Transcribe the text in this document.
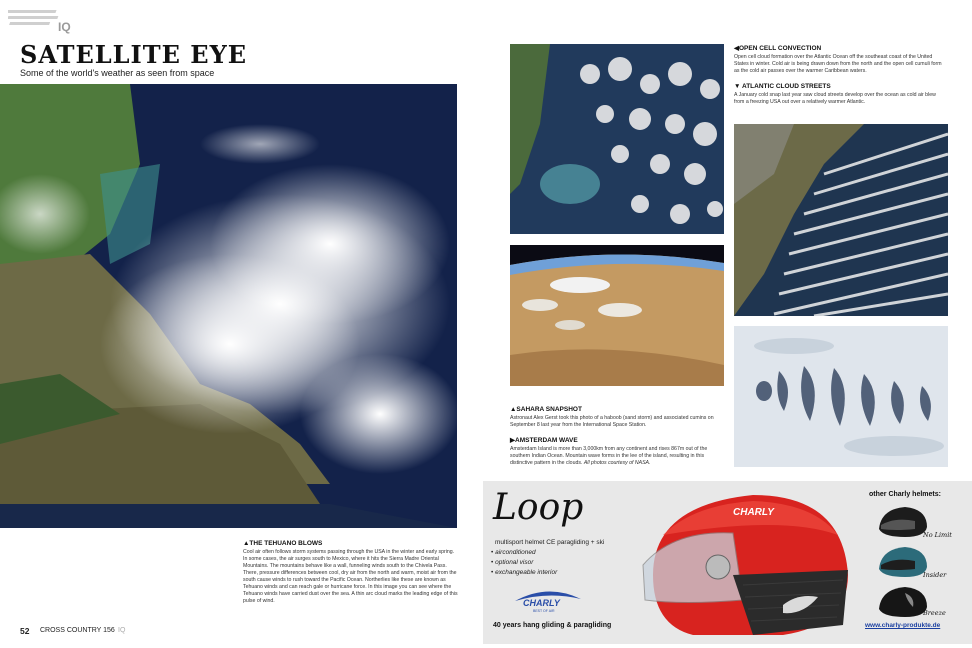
IQ
SATELLITE EYE
Some of the world's weather as seen from space
▲THE TEHUANO BLOWS
Cool air often follows storm systems passing through the USA in the winter and early spring. In some cases, the air surges south to Mexico, where it hits the Sierra Madre Oriental Mountains. The mountains behave like a wall, funneling winds south to the Chivela Pass. There, pressure differences between cool, dry air from the north and warm, moist air from the south cause winds to rush toward the Pacific Ocean. Northerlies like these are known as Tehuano winds and can reach gale or hurricane force. In this image you can see where the Tehuano winds have carried dust over the sea. A thin arc cloud marks the leading edge of this pulse of wind.
52 CROSS COUNTRY 156 IQ
◀OPEN CELL CONVECTION
Open cell cloud formation over the Atlantic Ocean off the southeast coast of the United States in winter. Cold air is being drawn down from the north and the open cell cumuli form as the cold air passes over the warmer Caribbean waters.
▼ ATLANTIC CLOUD STREETS
A January cold snap last year saw cloud streets develop over the ocean as cold air blew from a freezing USA out over a relatively warmer Atlantic.
▲SAHARA SNAPSHOT
Astronaut Alex Gerst took this photo of a haboob (sand storm) and associated cumins on September 8 last year from the International Space Station.
▶AMSTERDAM WAVE
Amsterdam Island is more than 3,000km from any continent and rises 867m out of the southern Indian Ocean. Mountain wave forms in the lee of the island, resulting in this distinctive pattern in the clouds. All photos courtesy of NASA.
Loop
multisport helmet CE paragliding + ski
• airconditioned
• optional visor
• exchangeable interior
CHARLY
BEST OF AIR
40 years hang gliding & paragliding
CHARLY
other Charly helmets:
No Limit
Insider
Breeze
www.charly-produkte.de
